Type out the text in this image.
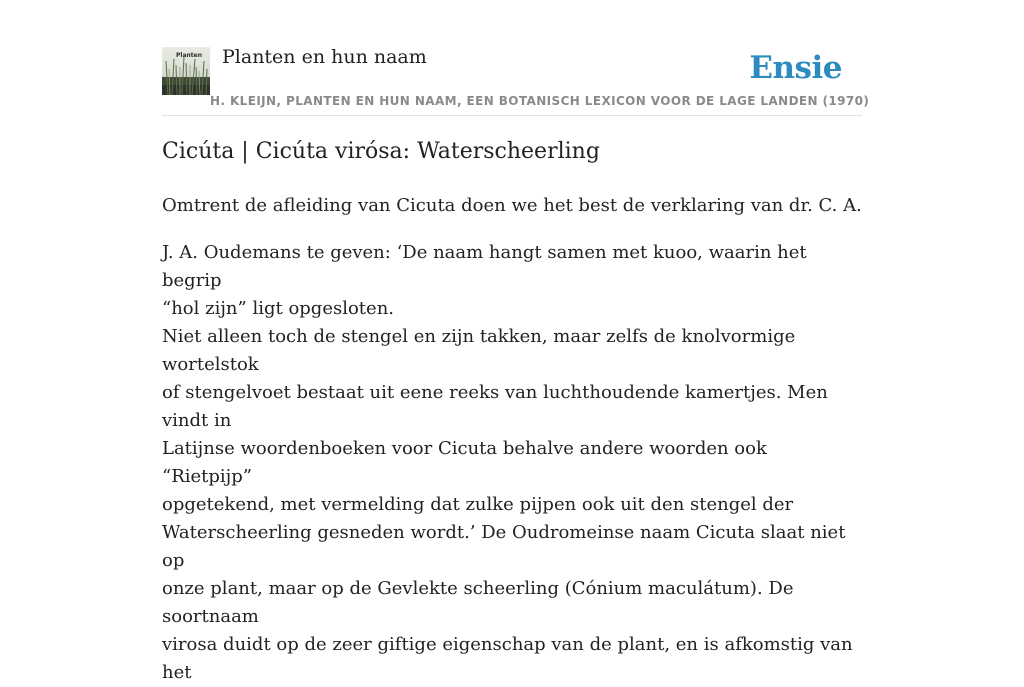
Planten Planten en hun naam	Ensie
H. KLEIJN, PLANTEN EN HUN NAAM, EEN BOTANISCH LEXICON VOOR DE LAGE LANDEN (1970)
Cicúta | Cicúta virósa: Waterscheerling

Omtrent de afleiding van Cicuta doen we het best de verklaring van dr. C. A.

J. A. Oudemans te geven: ‘De naam hangt samen met kuoo, waarin het begrip
“hol zijn” ligt opgesloten.

Niet alleen toch de stengel en zijn takken, maar zelfs de knolvormige wortelstok
of stengelvoet bestaat uit eene reeks van luchthoudende kamertjes. Men vindt in
Latijnse woordenboeken voor Cicuta behalve andere woorden ook “Rietpijp”
opgetekend, met vermelding dat zulke pijpen ook uit den stengel der
Waterscheerling gesneden wordt.’ De Oudromeinse naam Cicuta slaat niet op
onze plant, maar op de Gevlekte scheerling (Cónium maculátum). De soortnaam
virosa duidt op de zeer giftige eigenschap van de plant, en is afkomstig van het
